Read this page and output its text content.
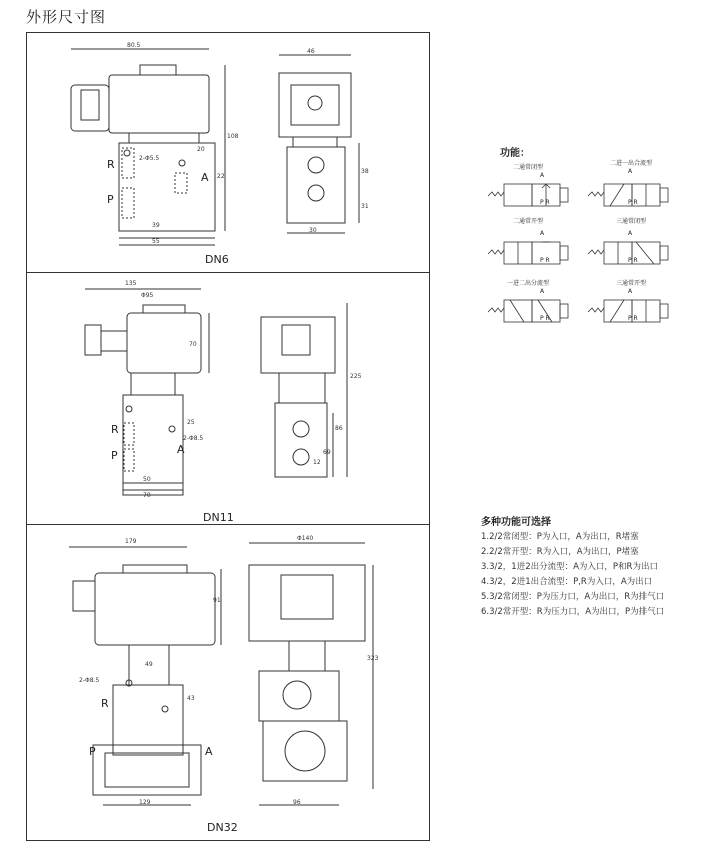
外形尺寸图
80.5
46
108
R
P
A
2-Φ5.5
20
39
38
55
30
31
22
DN6
135
Φ95
70
225
R
P	A
2-Φ8.5
25
50
70
86
69
12
DN11
179	Φ140
91
323
2-Φ8.5
49
43
R
P	A
129	96
DN32
功能：
二通常闭型
二进一出合流型
二通常开型	三通常闭型
一进二出分流型	三通常开型
A
P R
A
P R
A
P R
A
P R
A
P R
A
P R
多种功能可选择
1.2/2常闭型：P为入口，A为出口，R堵塞
2.2/2常开型：R为入口，A为出口，P堵塞
3.3/2，1进2出分流型：A为入口，P和R为出口
4.3/2，2进1出合流型：P,R为入口，A为出口
5.3/2常闭型：P为压力口，A为出口，R为排气口
6.3/2常开型：R为压力口，A为出口，P为排气口
